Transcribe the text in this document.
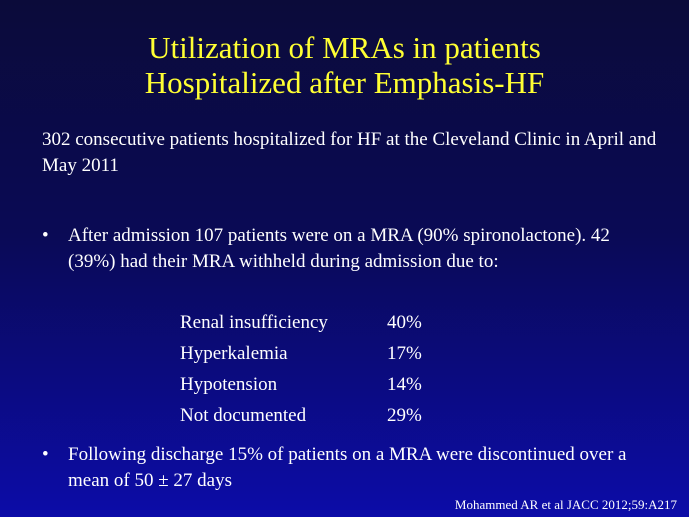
Utilization of MRAs in patients
Hospitalized after Emphasis-HF
302 consecutive patients hospitalized for HF at the Cleveland Clinic in April and May 2011
• After admission 107 patients were on a MRA (90% spironolactone). 42 (39%) had their MRA withheld during admission due to:
Renal insufficiency	40%
Hyperkalemia	17%
Hypotension	14%
Not documented	29%
• Following discharge 15% of patients on a MRA were discontinued over a mean of 50 ± 27 days
Mohammed AR et al JACC 2012;59:A217
